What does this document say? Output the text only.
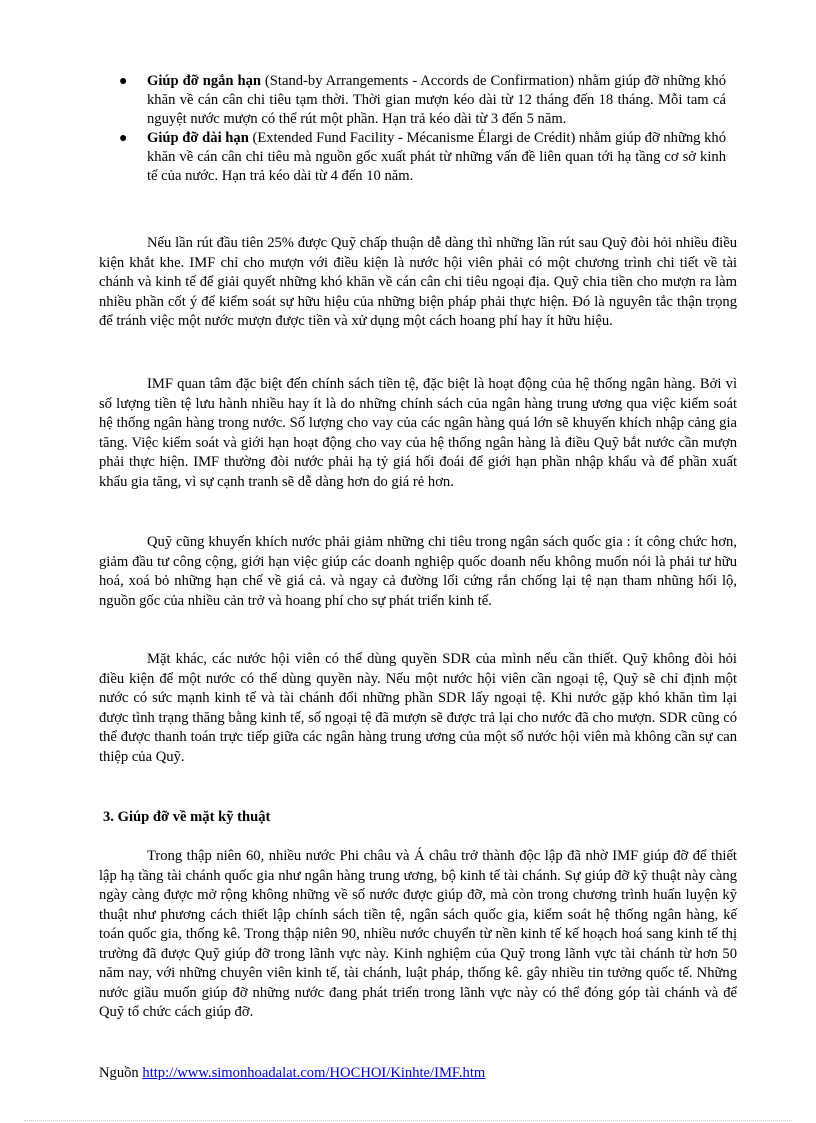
● Giúp đỡ ngắn hạn (Stand-by Arrangements - Accords de Confirmation) nhằm giúp đỡ những khó khăn về cán cân chi tiêu tạm thời. Thời gian mượn kéo dài từ 12 tháng đến 18 tháng. Mỗi tam cá nguyệt nước mượn có thể rút một phần. Hạn trả kéo dài từ 3 đến 5 năm.
● Giúp đỡ dài hạn (Extended Fund Facility - Mécanisme Élargi de Crédit) nhằm giúp đỡ những khó khăn về cán cân chi tiêu mà nguồn gốc xuất phát từ những vấn đề liên quan tới hạ tầng cơ sở kinh tế của nước. Hạn trả kéo dài từ 4 đến 10 năm.

Nếu lần rút đầu tiên 25% được Quỹ chấp thuận dễ dàng thì những lần rút sau Quỹ đòi hỏi nhiều điều kiện khắt khe. IMF chỉ cho mượn với điều kiện là nước hội viên phải có một chương trình chi tiết về tài chánh và kinh tế để giải quyết những khó khăn về cán cân chi tiêu ngoại địa. Quỹ chia tiền cho mượn ra làm nhiều phần cốt ý để kiểm soát sự hữu hiệu của những biện pháp phải thực hiện. Đó là nguyên tắc thận trọng để tránh việc một nước mượn được tiền và xử dụng một cách hoang phí hay ít hữu hiệu.

IMF quan tâm đặc biệt đến chính sách tiền tệ, đặc biệt là hoạt động của hệ thống ngân hàng. Bởi vì số lượng tiền tệ lưu hành nhiều hay ít là do những chính sách của ngân hàng trung ương qua việc kiểm soát hệ thống ngân hàng trong nước. Số lượng cho vay của các ngân hàng quá lớn sẽ khuyến khích nhập cảng gia tăng. Việc kiểm soát và giới hạn hoạt động cho vay của hệ thống ngân hàng là điều Quỹ bắt nước cần mượn phải thực hiện. IMF thường đòi nước phải hạ tỷ giá hối đoái để giới hạn phần nhập khẩu và để phần xuất khẩu gia tăng, vì sự cạnh tranh sẽ dễ dàng hơn do giá rẻ hơn.

Quỹ cũng khuyến khích nước phải giảm những chi tiêu trong ngân sách quốc gia : ít công chức hơn, giảm đầu tư công cộng, giới hạn việc giúp các doanh nghiệp quốc doanh nếu không muốn nói là phải tư hữu hoá, xoá bỏ những hạn chế về giá cả. và ngay cả đường lối cứng rắn chống lại tệ nạn tham nhũng hối lộ, nguồn gốc của nhiều cản trở và hoang phí cho sự phát triển kinh tế.

Mặt khác, các nước hội viên có thể dùng quyền SDR của mình nếu cần thiết. Quỹ không đòi hỏi điều kiện để một nước có thể dùng quyền này. Nếu một nước hội viên cần ngoại tệ, Quỹ sẽ chỉ định một nước có sức mạnh kinh tế và tài chánh đổi những phần SDR lấy ngoại tệ. Khi nước gặp khó khăn tìm lại được tình trạng thăng bằng kinh tế, số ngoại tệ đã mượn sẽ được trả lại cho nước đã cho mượn. SDR cũng có thể được thanh toán trực tiếp giữa các ngân hàng trung ương của một số nước hội viên mà không cần sự can thiệp của Quỹ.

3. Giúp đỡ về mặt kỹ thuật

Trong thập niên 60, nhiều nước Phi châu và Á châu trở thành độc lập đã nhờ IMF giúp đỡ để thiết lập hạ tầng tài chánh quốc gia như ngân hàng trung ương, bộ kinh tế tài chánh. Sự giúp đỡ kỹ thuật này càng ngày càng được mở rộng không những về số nước được giúp đỡ, mà còn trong chương trình huấn luyện kỹ thuật như phương cách thiết lập chính sách tiền tệ, ngân sách quốc gia, kiểm soát hệ thống ngân hàng, kế toán quốc gia, thống kê. Trong thập niên 90, nhiều nước chuyển từ nền kinh tế kế hoạch hoá sang kinh tế thị trường đã được Quỹ giúp đỡ trong lãnh vực này. Kinh nghiệm của Quỹ trong lãnh vực tài chánh từ hơn 50 năm nay, với những chuyên viên kinh tế, tài chánh, luật pháp, thống kê. gây nhiều tin tưởng quốc tế. Những nước giầu muốn giúp đỡ những nước đang phát triển trong lãnh vực này có thể đóng góp tài chánh và để Quỹ tổ chức cách giúp đỡ.

Nguồn http://www.simonhoadalat.com/HOCHOI/Kinhte/IMF.htm
